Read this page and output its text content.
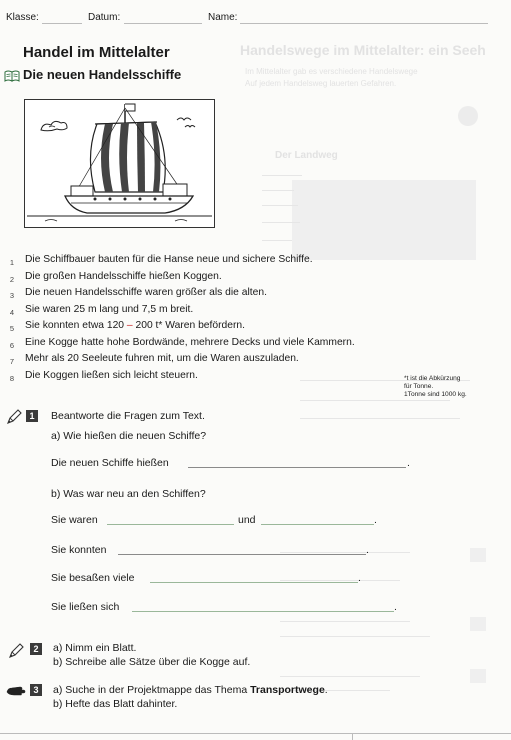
Handelswege im Mittelalter: ein Seeh
Im Mittelalter gab es verschiedene Handelswege
Auf jedem Handelsweg lauerten Gefahren.
Der Landweg
Klasse:	Datum:	Name:
Handel im Mittelalter
Die neuen Handelsschiffe
1 Die Schiffbauer bauten für die Hanse neue und sichere Schiffe.
2 Die großen Handelsschiffe hießen Koggen.
3 Die neuen Handelsschiffe waren größer als die alten.
4 Sie waren 25 m lang und 7,5 m breit.
5 Sie konnten etwa 120 – 200 t* Waren befördern.
6 Eine Kogge hatte hohe Bordwände, mehrere Decks und viele Kammern.
7 Mehr als 20 Seeleute fuhren mit, um die Waren auszuladen.
8 Die Koggen ließen sich leicht steuern.	*t ist die Abkürzung
für Tonne.
1Tonne sind 1000 kg.
1	Beantworte die Fragen zum Text.
a) Wie hießen die neuen Schiffe?
Die neuen Schiffe hießen	.
b) Was war neu an den Schiffen?
Sie waren	und	.
Sie konnten	.
Sie besaßen viele	.
Sie ließen sich	.
2	a) Nimm ein Blatt.
b) Schreibe alle Sätze über die Kogge auf.
3	a) Suche in der Projektmappe das Thema Transportwege.
b) Hefte das Blatt dahinter.
